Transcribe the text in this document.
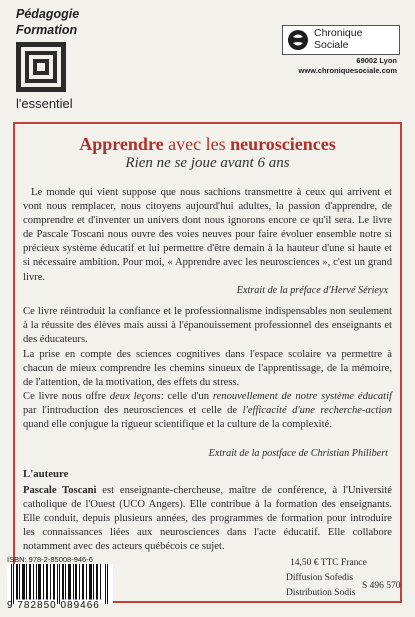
Pédagogie
Formation
l'essentiel
Chronique
Sociale
69002 Lyon
www.chroniquesociale.com
Apprendre avec les neurosciences
Rien ne se joue avant 6 ans
Le monde qui vient suppose que nous sachions transmettre à ceux qui arrivent et vont nous remplacer, nous citoyens aujourd'hui adultes, la passion d'apprendre, de comprendre et d'inventer un univers dont nous ignorons encore ce qu'il sera. Le livre de Pascale Toscani nous ouvre des voies neuves pour faire évoluer ensemble notre si précieux système éducatif et lui permettre d'être demain à la hauteur d'une si haute et si nécessaire ambition. Pour moi, « Apprendre avec les neurosciences », c'est un grand livre.
Extrait de la préface d'Hervé Sérieyx
Ce livre réintroduit la confiance et le professionnalisme indispensables non seulement à la réussite des élèves mais aussi à l'épanouissement professionnel des enseignants et des éducateurs.
La prise en compte des sciences cognitives dans l'espace scolaire va permettre à chacun de mieux comprendre les chemins sinueux de l'apprentissage, de la mémoire, de l'attention, de la motivation, des effets du stress.
Ce livre nous offre deux leçons: celle d'un renouvellement de notre système éducatif par l'introduction des neurosciences et celle de l'efficacité d'une recherche-action quand elle conjugue la rigueur scientifique et la culture de la complexité.
Extrait de la postface de Christian Philibert
L'auteure
Pascale Toscani est enseignante-chercheuse, maître de conférence, à l'Université catholique de l'Ouest (UCO Angers). Elle contribue à la formation des enseignants. Elle conduit, depuis plusieurs années, des programmes de formation pour introduire les connaissances liées aux neurosciences dans l'acte éducatif. Elle collabore notamment avec des acteurs québécois ce sujet.
ISBN: 978-2-85008-946-6
9 782850 089466
14,50 € TTC France
Diffusion Sofedis
Distribution Sodis
S 496 570
